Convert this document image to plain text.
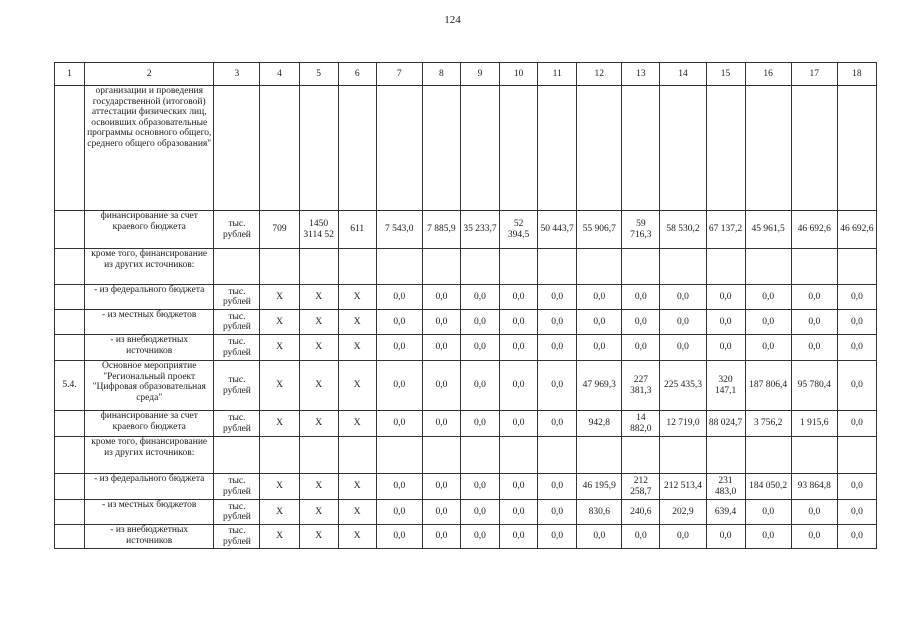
124
1	2	3	4	5	6	7	8	9	10	11	12	13	14	15	16	17	18
	организации и проведения государственной (итоговой) аттестации физических лиц, освоивших образовательные программы основного общего, среднего общего образования"																
	финансирование за счет краевого бюджета	тыс. рублей	709	1450 3114 52	611	7 543,0	7 885,9	35 233,7	52 394,5	50 443,7	55 906,7	59 716,3	58 530,2	67 137,2	45 961,5	46 692,6	46 692,6
	кроме того, финансирование из других источников:																
	- из федерального бюджета	тыс. рублей	X	X	X	0,0	0,0	0,0	0,0	0,0	0,0	0,0	0,0	0,0	0,0	0,0	0,0
	- из местных бюджетов	тыс. рублей	X	X	X	0,0	0,0	0,0	0,0	0,0	0,0	0,0	0,0	0,0	0,0	0,0	0,0
	- из внебюджетных источников	тыс. рублей	X	X	X	0,0	0,0	0,0	0,0	0,0	0,0	0,0	0,0	0,0	0,0	0,0	0,0
5.4.	Основное мероприятие "Региональный проект "Цифровая образовательная среда"	тыс. рублей	X	X	X	0,0	0,0	0,0	0,0	0,0	47 969,3	227 381,3	225 435,3	320 147,1	187 806,4	95 780,4	0,0
	финансирование за счет краевого бюджета	тыс. рублей	X	X	X	0,0	0,0	0,0	0,0	0,0	942,8	14 882,0	12 719,0	88 024,7	3 756,2	1 915,6	0,0
	кроме того, финансирование из других источников:																
	- из федерального бюджета	тыс. рублей	X	X	X	0,0	0,0	0,0	0,0	0,0	46 195,9	212 258,7	212 513,4	231 483,0	184 050,2	93 864,8	0,0
	- из местных бюджетов	тыс. рублей	X	X	X	0,0	0,0	0,0	0,0	0,0	830,6	240,6	202,9	639,4	0,0	0,0	0,0
	- из внебюджетных источников	тыс. рублей	X	X	X	0,0	0,0	0,0	0,0	0,0	0,0	0,0	0,0	0,0	0,0	0,0	0,0
